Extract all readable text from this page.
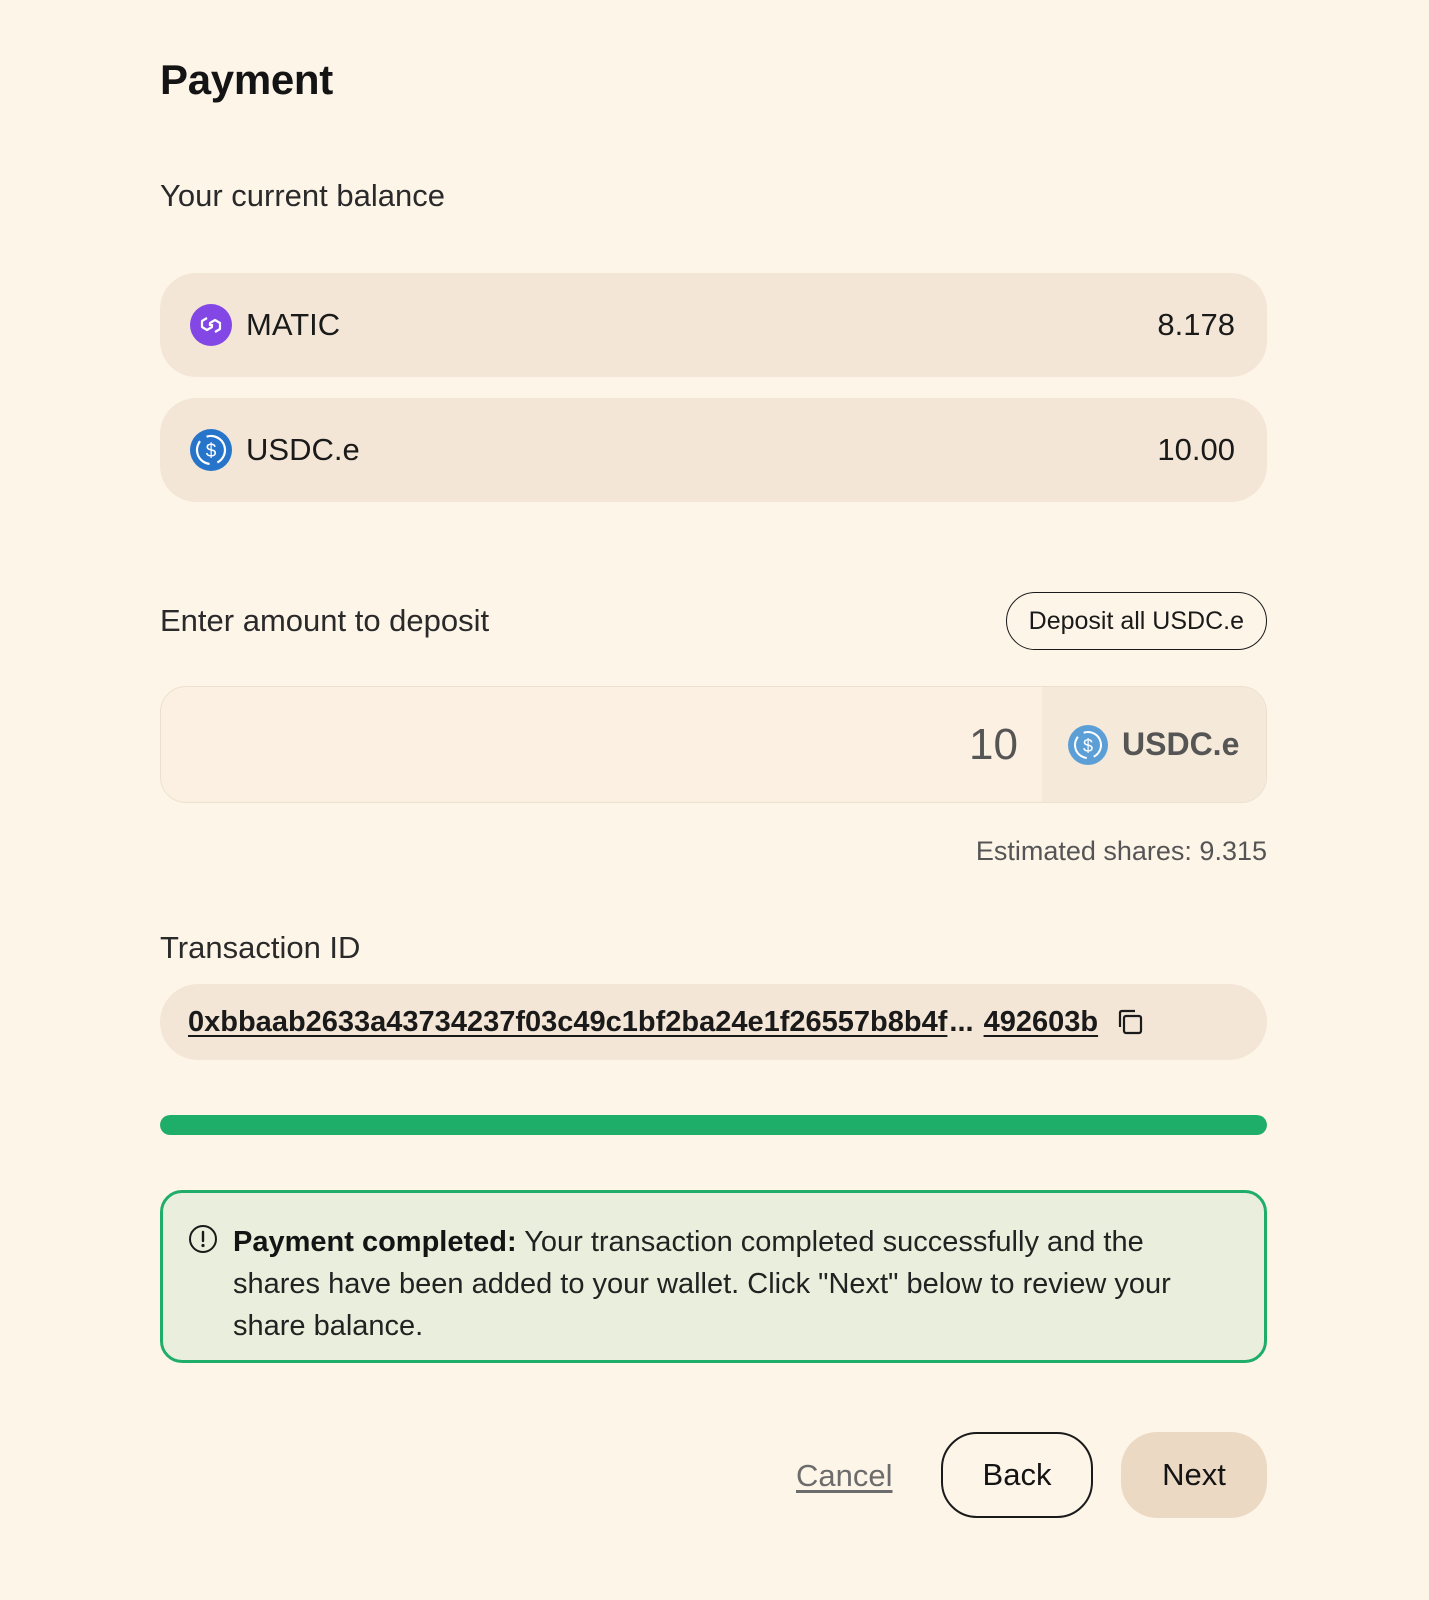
Payment
Your current balance
MATIC	8.178
$ USDC.e	10.00
Enter amount to deposit	Deposit all USDC.e
10
$ USDC.e
Estimated shares: 9.315
Transaction ID
0xbbaab2633a43734237f03c49c1bf2ba24e1f26557b8b4f ... 492603b
Payment completed: Your transaction completed successfully and the shares have been added to your wallet. Click "Next" below to review your share balance.
Cancel	Back	Next
